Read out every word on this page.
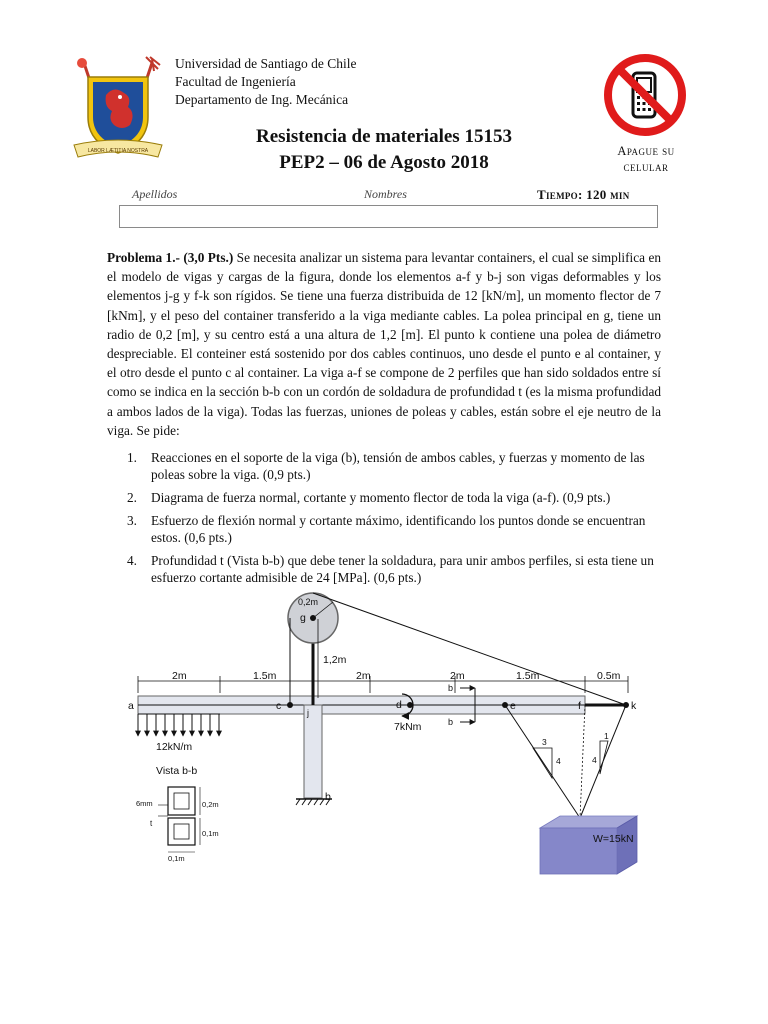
LABOR LÆTITIA NOSTRA
Universidad de Santiago de Chile
Facultad de Ingeniería
Departamento de Ing. Mecánica
Resistencia de materiales 15153
PEP2 – 06 de Agosto 2018
Apague su
celular
Apellidos	Nombres	Tiempo: 120 min
Problema 1.- (3,0 Pts.) Se necesita analizar un sistema para levantar containers, el cual se simplifica en el modelo de vigas y cargas de la figura, donde los elementos a-f y b-j son vigas deformables y los elementos j-g y f-k son rígidos. Se tiene una fuerza distribuida de 12 [kN/m], un momento flector de 7 [kNm], y el peso del container transferido a la viga mediante cables. La polea principal en g, tiene un radio de 0,2 [m], y su centro está a una altura de 1,2 [m]. El punto k contiene una polea de diámetro despreciable. El conteiner está sostenido por dos cables continuos, uno desde el punto e al container, y el otro desde el punto c al container. La viga a-f se compone de 2 perfiles que han sido soldados entre sí como se indica en la sección b-b con un cordón de soldadura de profundidad t (es la misma profundidad a ambos lados de la viga). Todas las fuerzas, uniones de poleas y cables, están sobre el eje neutro de la viga. Se pide:
1. Reacciones en el soporte de la viga (b), tensión de ambos cables, y fuerzas y momento de las poleas sobre la viga. (0,9 pts.)
2. Diagrama de fuerza normal, cortante y momento flector de toda la viga (a-f). (0,9 pts.)
3. Esfuerzo de flexión normal y cortante máximo, identificando los puntos donde se encuentran estos. (0,6 pts.)
4. Profundidad t (Vista b-b) que debe tener la soldadura, para unir ambos perfiles, si esta tiene un esfuerzo cortante admisible de 24 [MPa]. (0,6 pts.)
2m	1.5m	2m	2m	1.5m	0.5m
b
0,2m
g
1,2m
a	c
j
d	e	f	k
7kNm
b
b
12kN/m	3
4
1
4
W=15kN
Vista b-b
6mm
t
0,2m
0,1m
0,1m
